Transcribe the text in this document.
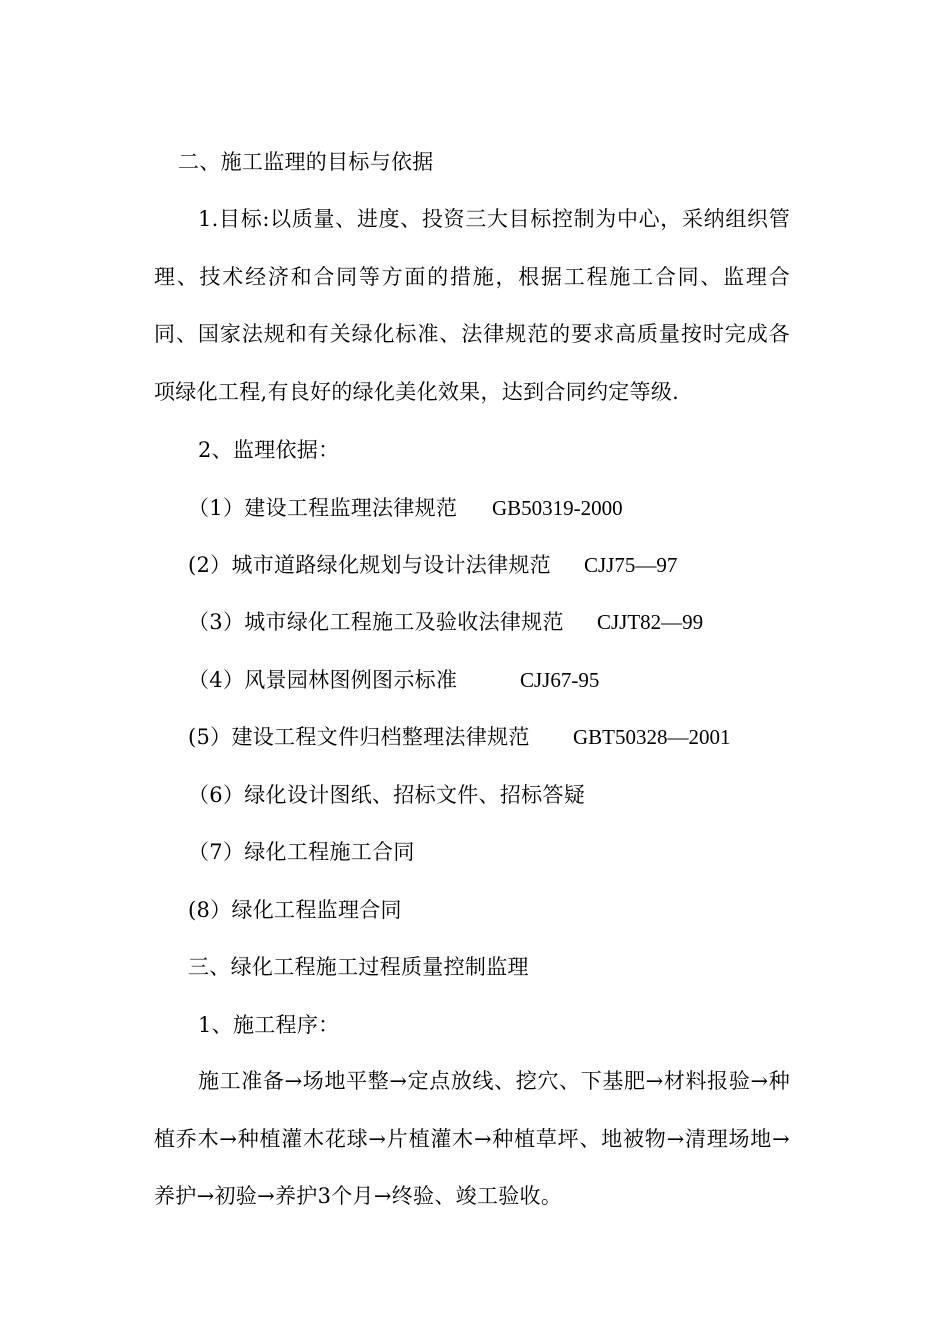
二、施工监理的目标与依据
1.目标:以质量、进度、投资三大目标控制为中心，采纳组织管理、技术经济和合同等方面的措施，根据工程施工合同、监理合同、国家法规和有关绿化标准、法律规范的要求高质量按时完成各项绿化工程,有良好的绿化美化效果，达到合同约定等级.
2、监理依据：
（1）建设工程监理法律规范 GB50319-2000
(2）城市道路绿化规划与设计法律规范 CJJ75—97
（3）城市绿化工程施工及验收法律规范 CJJT82—99
（4）风景园林图例图示标准	CJJ67-95
(5）建设工程文件归档整理法律规范 GBT50328—2001
（6）绿化设计图纸、招标文件、招标答疑
（7）绿化工程施工合同
(8）绿化工程监理合同
三、绿化工程施工过程质量控制监理
1、施工程序：
施工准备→场地平整→定点放线、挖穴、下基肥→材料报验→种植乔木→种植灌木花球→片植灌木→种植草坪、地被物→清理场地→养护→初验→养护3个月→终验、竣工验收。
